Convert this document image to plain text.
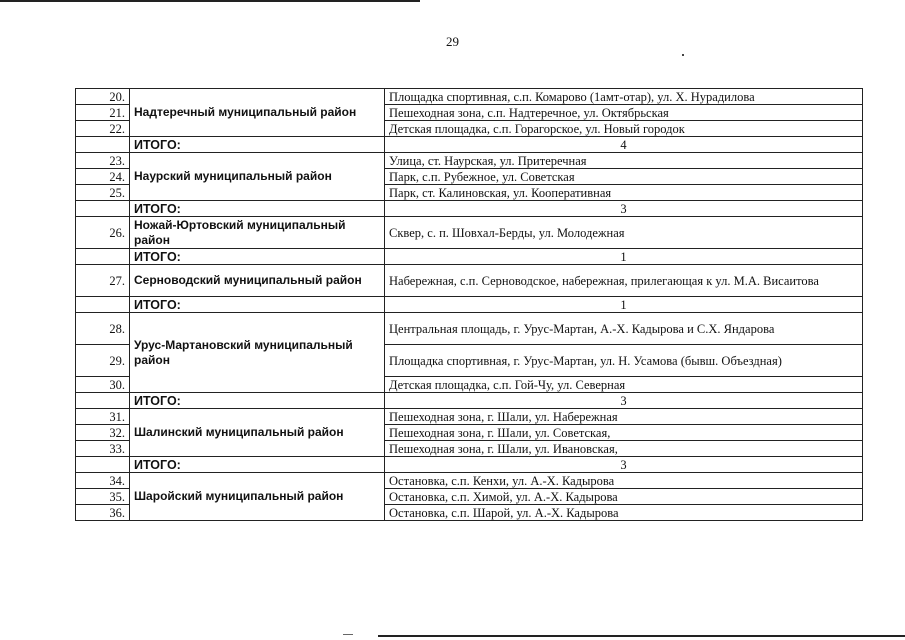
29
20.	Надтеречный муниципальный район	Площадка спортивная, с.п. Комарово (1амт-отар), ул. Х. Нурадилова
21.		Пешеходная зона, с.п. Надтеречное, ул. Октябрьская
22.		Детская площадка, с.п. Горагорское, ул. Новый городок
	ИТОГО:	4
23.	Наурский муниципальный район	Улица, ст. Наурская, ул. Притеречная
24.		Парк, с.п. Рубежное, ул. Советская
25.		Парк, ст. Калиновская, ул. Кооперативная
	ИТОГО:	3
26.	Ножай-Юртовский муниципальный район	Сквер, с. п. Шовхал-Берды, ул. Молодежная
	ИТОГО:	1
27.	Серноводский муниципальный район	Набережная, с.п. Серноводское, набережная, прилегающая к ул. М.А. Висаитова
	ИТОГО:	1
28.	Урус-Мартановский муниципальный район	Центральная площадь, г. Урус-Мартан, А.-Х. Кадырова и С.Х. Яндарова
29.		Площадка спортивная, г. Урус-Мартан, ул. Н. Усамова (бывш. Объездная)
30.		Детская площадка, с.п. Гой-Чу, ул. Северная
	ИТОГО:	3
31.	Шалинский муниципальный район	Пешеходная зона, г. Шали, ул. Набережная
32.		Пешеходная зона, г. Шали, ул. Советская,
33.		Пешеходная зона, г. Шали, ул. Ивановская,
	ИТОГО:	3
34.	Шаройский муниципальный район	Остановка, с.п. Кенхи, ул. А.-Х. Кадырова
35.		Остановка, с.п. Химой, ул. А.-Х. Кадырова
36.		Остановка, с.п. Шарой, ул. А.-Х. Кадырова
